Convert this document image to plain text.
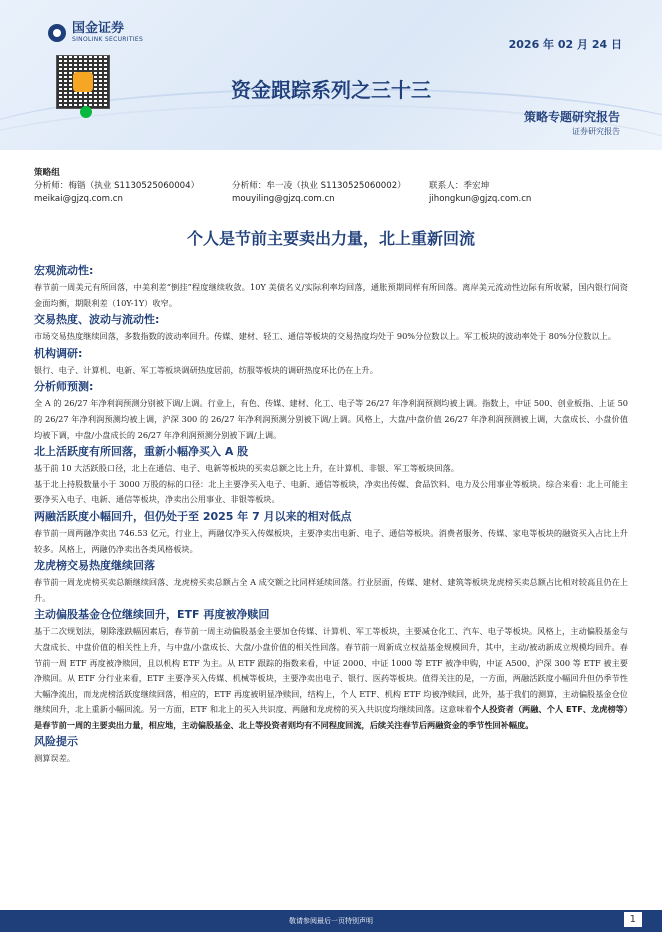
国金证券
SINOLINK SECURITIES	2026 年 02 月 24 日
资金跟踪系列之三十三
策略专题研究报告
证券研究报告
策略组
分析师：梅锴（执业 S1130525060004）
meikai@gjzq.com.cn
分析师：牟一凌（执业 S1130525060002）
mouyiling@gjzq.com.cn
联系人：季宏坤
jihongkun@gjzq.com.cn
个人是节前主要卖出力量，北上重新回流
宏观流动性:

春节前一周美元有所回落，中美利差“倒挂”程度继续收敛。10Y 美债名义/实际利率均回落，通胀预期同样有所回落。离岸美元流动性边际有所收紧，国内银行间资金面均衡，期限利差（10Y-1Y）收窄。

交易热度、波动与流动性:

市场交易热度继续回落，多数指数的波动率回升。传媒、建材、轻工、通信等板块的交易热度均处于 90%分位数以上。军工板块的波动率处于 80%分位数以上。

机构调研:

银行、电子、计算机、电新、军工等板块调研热度居前，纺服等板块的调研热度环比仍在上升。

分析师预测:

全 A 的 26/27 年净利润预测分别被下调/上调。行业上，有色、传媒、建材、化工、电子等 26/27 年净利润预测均被上调。指数上，中证 500、创业板指、上证 50 的 26/27 年净利润预测均被上调，沪深 300 的 26/27 年净利润预测分别被下调/上调。风格上，大盘/中盘价值 26/27 年净利润预测被上调，大盘成长、小盘价值均被下调，中盘/小盘成长的 26/27 年净利润预测分别被下调/上调。

北上活跃度有所回落，重新小幅净买入 A 股

基于前 10 大活跃股口径，北上在通信、电子、电新等板块的买卖总额之比上升，在计算机、非银、军工等板块回落。

基于北上持股数量小于 3000 万股的标的口径：北上主要净买入电子、电新、通信等板块，净卖出传媒、食品饮料、电力及公用事业等板块。综合来看：北上可能主要净买入电子、电新、通信等板块，净卖出公用事业、非银等板块。

两融活跃度小幅回升，但仍处于至 2025 年 7 月以来的相对低点

春节前一周两融净卖出 746.53 亿元，行业上，两融仅净买入传媒板块，主要净卖出电新、电子、通信等板块。消费者服务、传媒、家电等板块的融资买入占比上升较多。风格上，两融仍净卖出各类风格板块。

龙虎榜交易热度继续回落

春节前一周龙虎榜买卖总额继续回落、龙虎榜买卖总额占全 A 成交额之比同样延续回落。行业层面，传媒、建材、建筑等板块龙虎榜买卖总额占比相对较高且仍在上升。

主动偏股基金仓位继续回升，ETF 再度被净赎回

基于二次规划法，剔除涨跌幅因素后，春节前一周主动偏股基金主要加仓传媒、计算机、军工等板块，主要减仓化工、汽车、电子等板块。风格上，主动偏股基金与大盘成长、中盘价值的相关性上升，与中盘/小盘成长、大盘/小盘价值的相关性回落。春节前一周新成立权益基金规模回升，其中，主动/被动新成立规模均回升。春节前一周 ETF 再度被净赎回，且以机构 ETF 为主。从 ETF 跟踪的指数来看，中证 2000、中证 1000 等 ETF 被净申购，中证 A500、沪深 300 等 ETF 被主要净赎回。从 ETF 分行业来看，ETF 主要净买入传媒、机械等板块，主要净卖出电子、银行、医药等板块。值得关注的是，一方面，两融活跃度小幅回升但仍季节性大幅净流出，而龙虎榜活跃度继续回落，相应的，ETF 再度被明显净赎回，结构上，个人 ETF、机构 ETF 均被净赎回，此外，基于我们的测算，主动偏股基金仓位继续回升，北上重新小幅回流。另一方面，ETF 和北上的买入共识度、两融和龙虎榜的买入共识度均继续回落。这意味着个人投资者（两融、个人 ETF、龙虎榜等）是春节前一周的主要卖出力量，相应地，主动偏股基金、北上等投资者则均有不同程度回流，后续关注春节后两融资金的季节性回补幅度。

风险提示

测算误差。

敬请参阅最后一页特别声明	1
